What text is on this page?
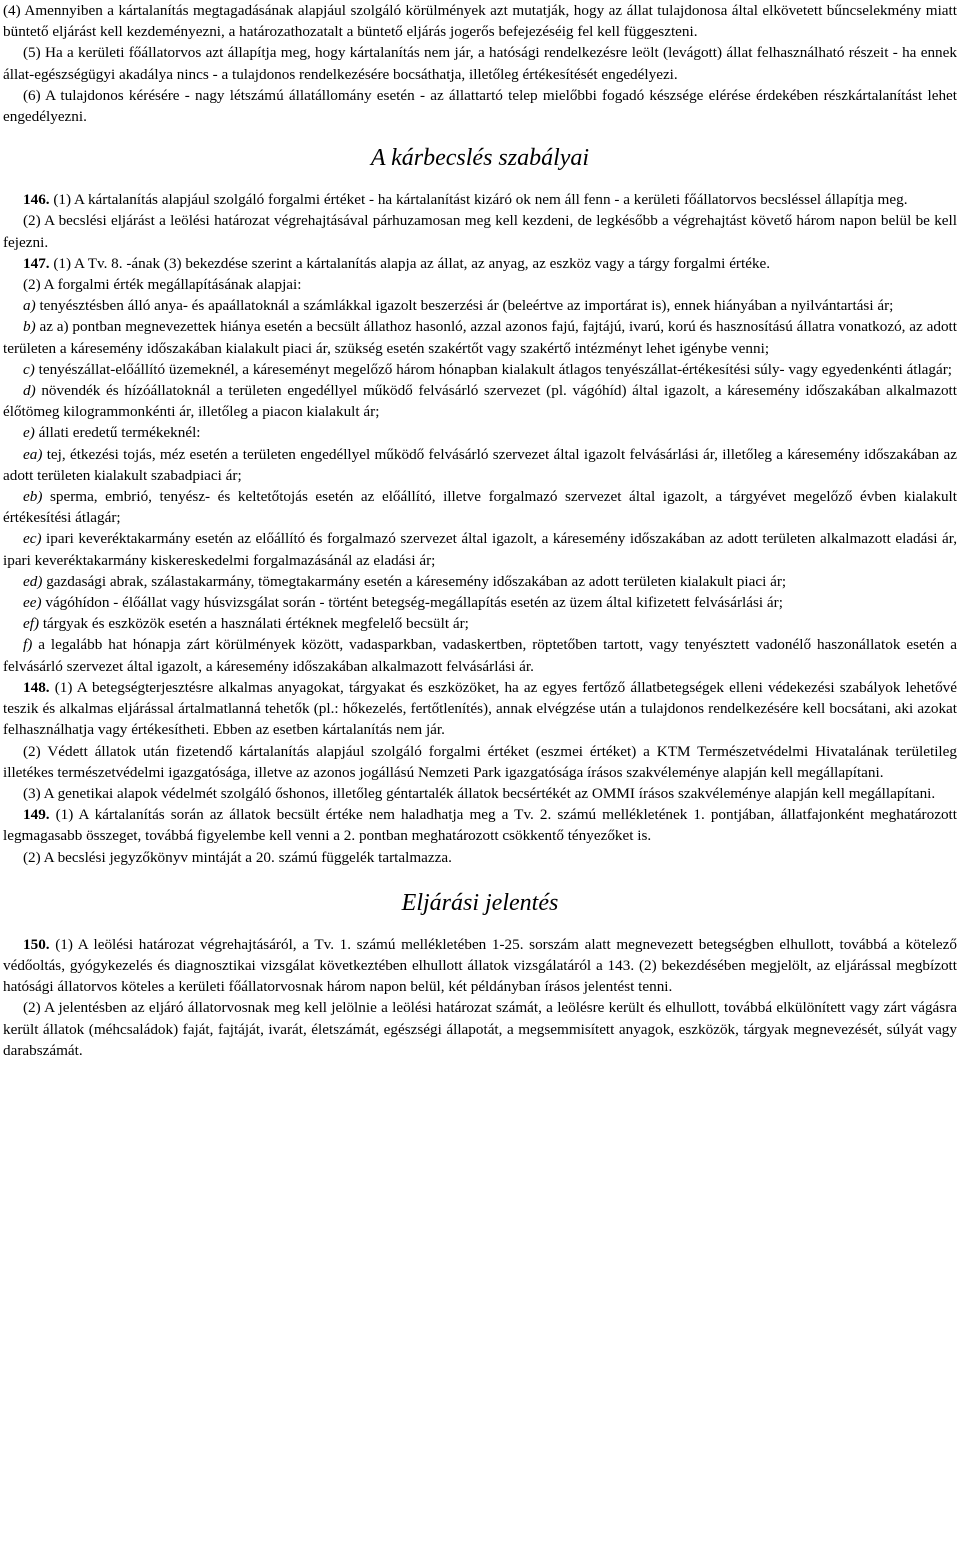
(4) Amennyiben a kártalanítás megtagadásának alapjául szolgáló körülmények azt mutatják, hogy az állat tulajdonosa által elkövetett bűncselekmény miatt büntető eljárást kell kezdeményezni, a határozathozatalt a büntető eljárás jogerős befejezéséig fel kell függeszteni.

(5) Ha a kerületi főállatorvos azt állapítja meg, hogy kártalanítás nem jár, a hatósági rendelkezésre leölt (levágott) állat felhasználható részeit - ha ennek állat-egészségügyi akadálya nincs - a tulajdonos rendelkezésére bocsáthatja, illetőleg értékesítését engedélyezi.

(6) A tulajdonos kérésére - nagy létszámú állatállomány esetén - az állattartó telep mielőbbi fogadó készsége elérése érdekében részkártalanítást lehet engedélyezni.

A kárbecslés szabályai

146. (1) A kártalanítás alapjául szolgáló forgalmi értéket - ha kártalanítást kizáró ok nem áll fenn - a kerületi főállatorvos becsléssel állapítja meg.

(2) A becslési eljárást a leölési határozat végrehajtásával párhuzamosan meg kell kezdeni, de legkésőbb a végrehajtást követő három napon belül be kell fejezni.

147. (1) A Tv. 8. -ának (3) bekezdése szerint a kártalanítás alapja az állat, az anyag, az eszköz vagy a tárgy forgalmi értéke.

(2) A forgalmi érték megállapításának alapjai:

a) tenyésztésben álló anya- és apaállatoknál a számlákkal igazolt beszerzési ár (beleértve az importárat is), ennek hiányában a nyilvántartási ár;

b) az a) pontban megnevezettek hiánya esetén a becsült állathoz hasonló, azzal azonos fajú, fajtájú, ivarú, korú és hasznosítású állatra vonatkozó, az adott területen a káresemény időszakában kialakult piaci ár, szükség esetén szakértőt vagy szakértő intézményt lehet igénybe venni;

c) tenyészállat-előállító üzemeknél, a káreseményt megelőző három hónapban kialakult átlagos tenyészállat-értékesítési súly- vagy egyedenkénti átlagár;

d) növendék és hízóállatoknál a területen engedéllyel működő felvásárló szervezet (pl. vágóhíd) által igazolt, a káresemény időszakában alkalmazott élőtömeg kilogrammonkénti ár, illetőleg a piacon kialakult ár;

e) állati eredetű termékeknél:

ea) tej, étkezési tojás, méz esetén a területen engedéllyel működő felvásárló szervezet által igazolt felvásárlási ár, illetőleg a káresemény időszakában az adott területen kialakult szabadpiaci ár;

eb) sperma, embrió, tenyész- és keltetőtojás esetén az előállító, illetve forgalmazó szervezet által igazolt, a tárgyévet megelőző évben kialakult értékesítési átlagár;

ec) ipari keveréktakarmány esetén az előállító és forgalmazó szervezet által igazolt, a káresemény időszakában az adott területen alkalmazott eladási ár, ipari keveréktakarmány kiskereskedelmi forgalmazásánál az eladási ár;

ed) gazdasági abrak, szálastakarmány, tömegtakarmány esetén a káresemény időszakában az adott területen kialakult piaci ár;

ee) vágóhídon - élőállat vagy húsvizsgálat során - történt betegség-megállapítás esetén az üzem által kifizetett felvásárlási ár;

ef) tárgyak és eszközök esetén a használati értéknek megfelelő becsült ár;

f) a legalább hat hónapja zárt körülmények között, vadasparkban, vadaskertben, röptetőben tartott, vagy tenyésztett vadonélő haszonállatok esetén a felvásárló szervezet által igazolt, a káresemény időszakában alkalmazott felvásárlási ár.

148. (1) A betegségterjesztésre alkalmas anyagokat, tárgyakat és eszközöket, ha az egyes fertőző állatbetegségek elleni védekezési szabályok lehetővé teszik és alkalmas eljárással ártalmatlanná tehetők (pl.: hőkezelés, fertőtlenítés), annak elvégzése után a tulajdonos rendelkezésére kell bocsátani, aki azokat felhasználhatja vagy értékesítheti. Ebben az esetben kártalanítás nem jár.

(2) Védett állatok után fizetendő kártalanítás alapjául szolgáló forgalmi értéket (eszmei értéket) a KTM Természetvédelmi Hivatalának területileg illetékes természetvédelmi igazgatósága, illetve az azonos jogállású Nemzeti Park igazgatósága írásos szakvéleménye alapján kell megállapítani.

(3) A genetikai alapok védelmét szolgáló őshonos, illetőleg géntartalék állatok becsértékét az OMMI írásos szakvéleménye alapján kell megállapítani.

149. (1) A kártalanítás során az állatok becsült értéke nem haladhatja meg a Tv. 2. számú mellékletének 1. pontjában, állatfajonként meghatározott legmagasabb összeget, továbbá figyelembe kell venni a 2. pontban meghatározott csökkentő tényezőket is.

(2) A becslési jegyzőkönyv mintáját a 20. számú függelék tartalmazza.

Eljárási jelentés

150. (1) A leölési határozat végrehajtásáról, a Tv. 1. számú mellékletében 1-25. sorszám alatt megnevezett betegségben elhullott, továbbá a kötelező védőoltás, gyógykezelés és diagnosztikai vizsgálat következtében elhullott állatok vizsgálatáról a 143. (2) bekezdésében megjelölt, az eljárással megbízott hatósági állatorvos köteles a kerületi főállatorvosnak három napon belül, két példányban írásos jelentést tenni.

(2) A jelentésben az eljáró állatorvosnak meg kell jelölnie a leölési határozat számát, a leölésre került és elhullott, továbbá elkülönített vagy zárt vágásra került állatok (méhcsaládok) faját, fajtáját, ivarát, életszámát, egészségi állapotát, a megsemmisített anyagok, eszközök, tárgyak megnevezését, súlyát vagy darabszámát.
